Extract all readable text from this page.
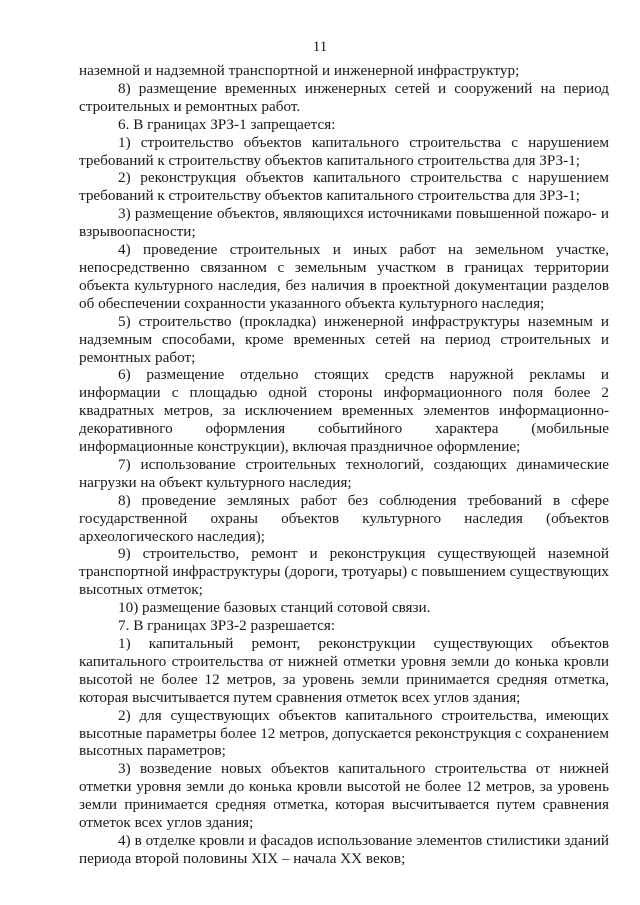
11

наземной и надземной транспортной и инженерной инфраструктур;

8) размещение временных инженерных сетей и сооружений на период строительных и ремонтных работ.

6. В границах ЗРЗ-1 запрещается:

1) строительство объектов капитального строительства с нарушением требований к строительству объектов капитального строительства для ЗРЗ-1;

2) реконструкция объектов капитального строительства с нарушением требований к строительству объектов капитального строительства для ЗРЗ-1;

3) размещение объектов, являющихся источниками повышенной пожаро- и взрывоопасности;

4) проведение строительных и иных работ на земельном участке, непосредственно связанном с земельным участком в границах территории объекта культурного наследия, без наличия в проектной документации разделов об обеспечении сохранности указанного объекта культурного наследия;

5) строительство (прокладка) инженерной инфраструктуры наземным и надземным способами, кроме временных сетей на период строительных и ремонтных работ;

6) размещение отдельно стоящих средств наружной рекламы и информации с площадью одной стороны информационного поля более 2 квадратных метров, за исключением временных элементов информационно-декоративного оформления событийного характера (мобильные информационные конструкции), включая праздничное оформление;

7) использование строительных технологий, создающих динамические нагрузки на объект культурного наследия;

8) проведение земляных работ без соблюдения требований в сфере государственной охраны объектов культурного наследия (объектов археологического наследия);

9) строительство, ремонт и реконструкция существующей наземной транспортной инфраструктуры (дороги, тротуары) с повышением существующих высотных отметок;

10) размещение базовых станций сотовой связи.

7. В границах ЗРЗ-2 разрешается:

1) капитальный ремонт, реконструкции существующих объектов капитального строительства от нижней отметки уровня земли до конька кровли высотой не более 12 метров, за уровень земли принимается средняя отметка, которая высчитывается путем сравнения отметок всех углов здания;

2) для существующих объектов капитального строительства, имеющих высотные параметры более 12 метров, допускается реконструкция с сохранением высотных параметров;

3) возведение новых объектов капитального строительства от нижней отметки уровня земли до конька кровли высотой не более 12 метров, за уровень земли принимается средняя отметка, которая высчитывается путем сравнения отметок всех углов здания;

4) в отделке кровли и фасадов использование элементов стилистики зданий периода второй половины XIX – начала XX веков;
